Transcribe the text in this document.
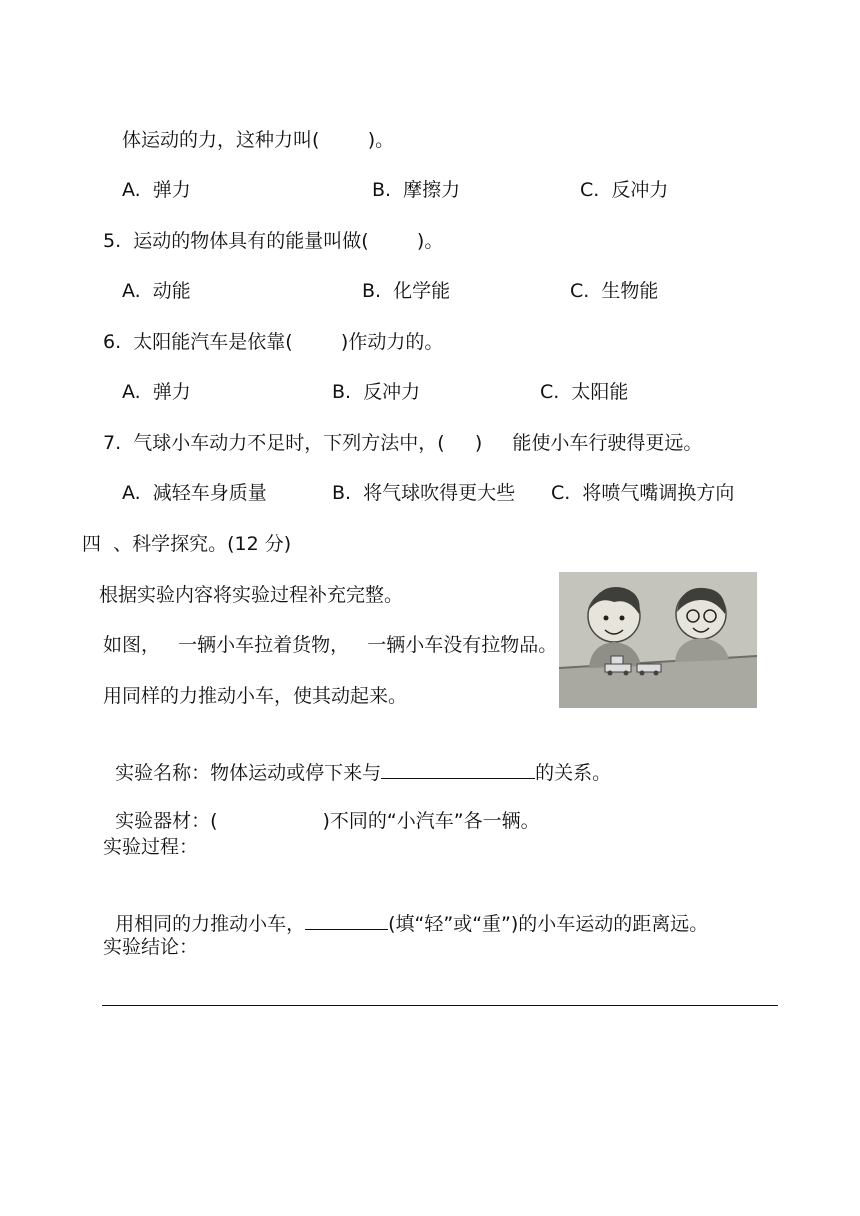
体运动的力，这种力叫(        )。
A.  弹力	B.  摩擦力	C.  反冲力
5.  运动的物体具有的能量叫做(        )。
A.  动能	B.  化学能	C.  生物能
6.  太阳能汽车是依靠(        )作动力的。
A.  弹力	B.  反冲力	C.  太阳能
7.  气球小车动力不足时，下列方法中，(     )     能使小车行驶得更远。
A.  减轻车身质量	B.  将气球吹得更大些 C.  将喷气嘴调换方向
四  、科学探究。(12 分)
根据实验内容将实验过程补充完整。
如图，   一辆小车拉着货物，   一辆小车没有拉物品。
用同样的力推动小车，使其动起来。

实验名称：物体运动或停下来与	的关系。

实验器材：(	)不同的“小汽车”各一辆。

实验过程：

用相同的力推动小车，	(填“轻”或“重”)的小车运动的距离远。

实验结论：
